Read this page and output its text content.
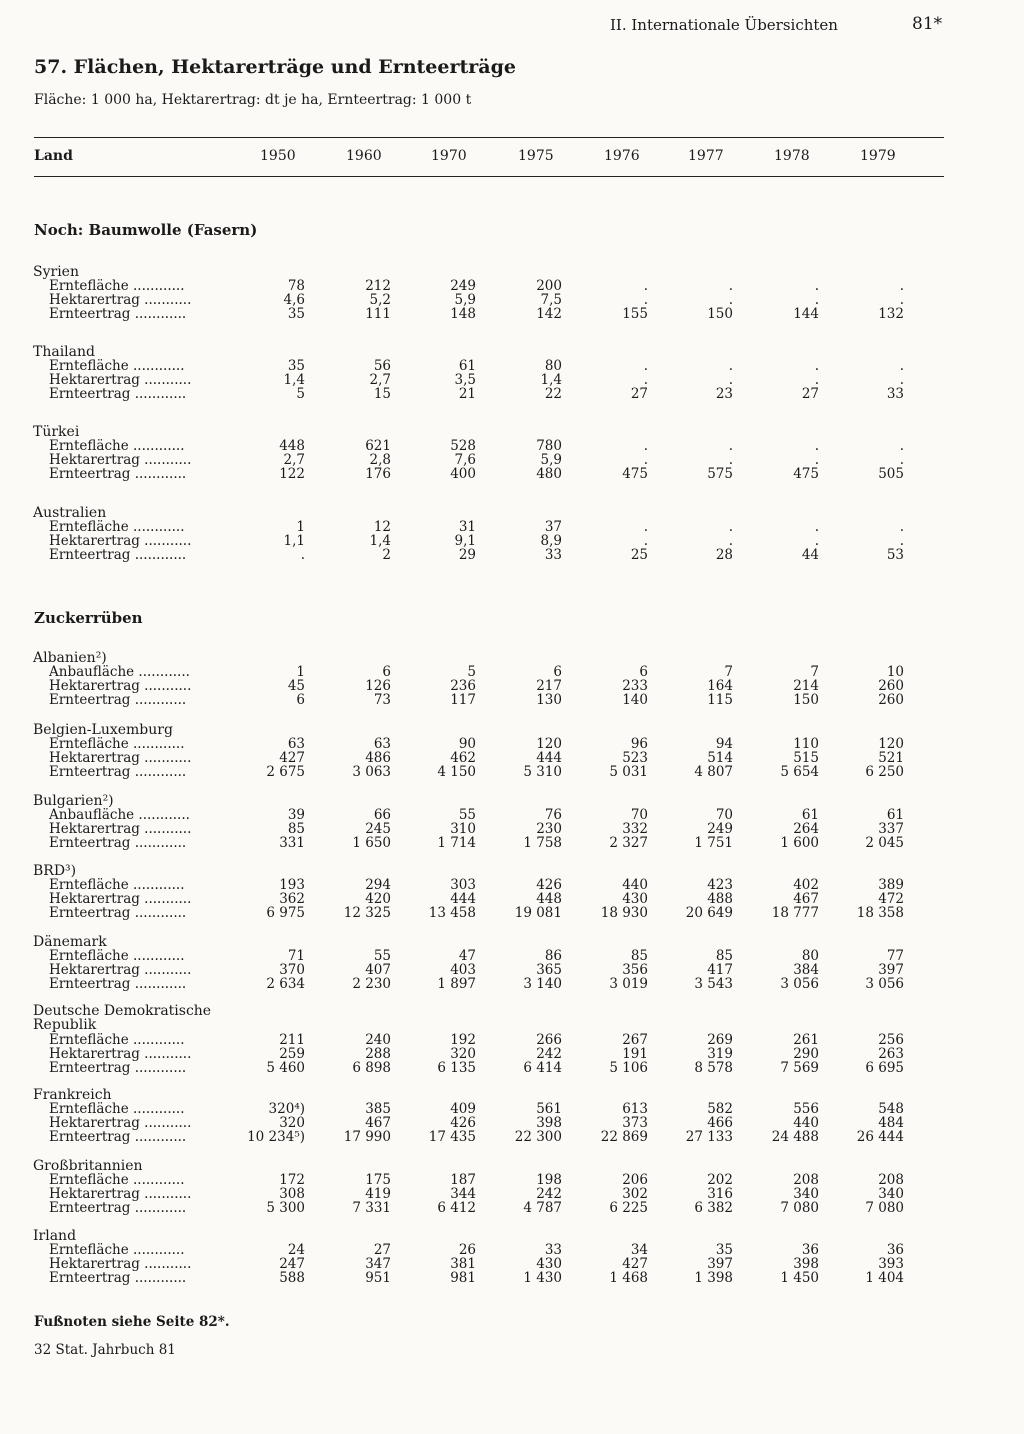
II. Internationale Übersichten	81*
57. Flächen, Hektarerträge und Ernteerträge
Fläche: 1 000 ha, Hektarertrag: dt je ha, Ernteertrag: 1 000 t
Land	1950	1960	1970	1975	1976	1977	1978	1979
Noch: Baumwolle (Fasern)
Syrien
Erntefläche ............	78	212	249	200	.	.	.	.
Hektarertrag ...........	4,6	5,2	5,9	7,5	.	.	.	.
Ernteertrag ............	35	111	148	142	155	150	144	132
Thailand
Erntefläche ............	35	56	61	80	.	.	.	.
Hektarertrag ...........	1,4	2,7	3,5	1,4	.	.	.	.
Ernteertrag ............	5	15	21	22	27	23	27	33
Türkei
Erntefläche ............	448	621	528	780	.	.	.	.
Hektarertrag ...........	2,7	2,8	7,6	5,9	.	.	.	.
Ernteertrag ............	122	176	400	480	475	575	475	505
Australien
Erntefläche ............	1	12	31	37	.	.	.	.
Hektarertrag ...........	1,1	1,4	9,1	8,9	.	.	.	.
Ernteertrag ............	.	2	29	33	25	28	44	53
Zuckerrüben
Albanien²)
Anbaufläche ............	1	6	5	6	6	7	7	10
Hektarertrag ...........	45	126	236	217	233	164	214	260
Ernteertrag ............	6	73	117	130	140	115	150	260
Belgien-Luxemburg
Erntefläche ............	63	63	90	120	96	94	110	120
Hektarertrag ...........	427	486	462	444	523	514	515	521
Ernteertrag ............	2 675	3 063	4 150	5 310	5 031	4 807	5 654	6 250
Bulgarien²)
Anbaufläche ............	39	66	55	76	70	70	61	61
Hektarertrag ...........	85	245	310	230	332	249	264	337
Ernteertrag ............	331	1 650	1 714	1 758	2 327	1 751	1 600	2 045
BRD³)
Erntefläche ............	193	294	303	426	440	423	402	389
Hektarertrag ...........	362	420	444	448	430	488	467	472
Ernteertrag ............	6 975	12 325	13 458	19 081	18 930	20 649	18 777	18 358
Dänemark
Erntefläche ............	71	55	47	86	85	85	80	77
Hektarertrag ...........	370	407	403	365	356	417	384	397
Ernteertrag ............	2 634	2 230	1 897	3 140	3 019	3 543	3 056	3 056
Deutsche Demokratische Republik
Erntefläche ............	211	240	192	266	267	269	261	256
Hektarertrag ...........	259	288	320	242	191	319	290	263
Ernteertrag ............	5 460	6 898	6 135	6 414	5 106	8 578	7 569	6 695
Frankreich
Erntefläche ............	320⁴)	385	409	561	613	582	556	548
Hektarertrag ...........	320	467	426	398	373	466	440	484
Ernteertrag ............	10 234⁵)	17 990	17 435	22 300	22 869	27 133	24 488	26 444
Großbritannien
Erntefläche ............	172	175	187	198	206	202	208	208
Hektarertrag ...........	308	419	344	242	302	316	340	340
Ernteertrag ............	5 300	7 331	6 412	4 787	6 225	6 382	7 080	7 080
Irland
Erntefläche ............	24	27	26	33	34	35	36	36
Hektarertrag ...........	247	347	381	430	427	397	398	393
Ernteertrag ............	588	951	981	1 430	1 468	1 398	1 450	1 404
Fußnoten siehe Seite 82*.
32 Stat. Jahrbuch 81
